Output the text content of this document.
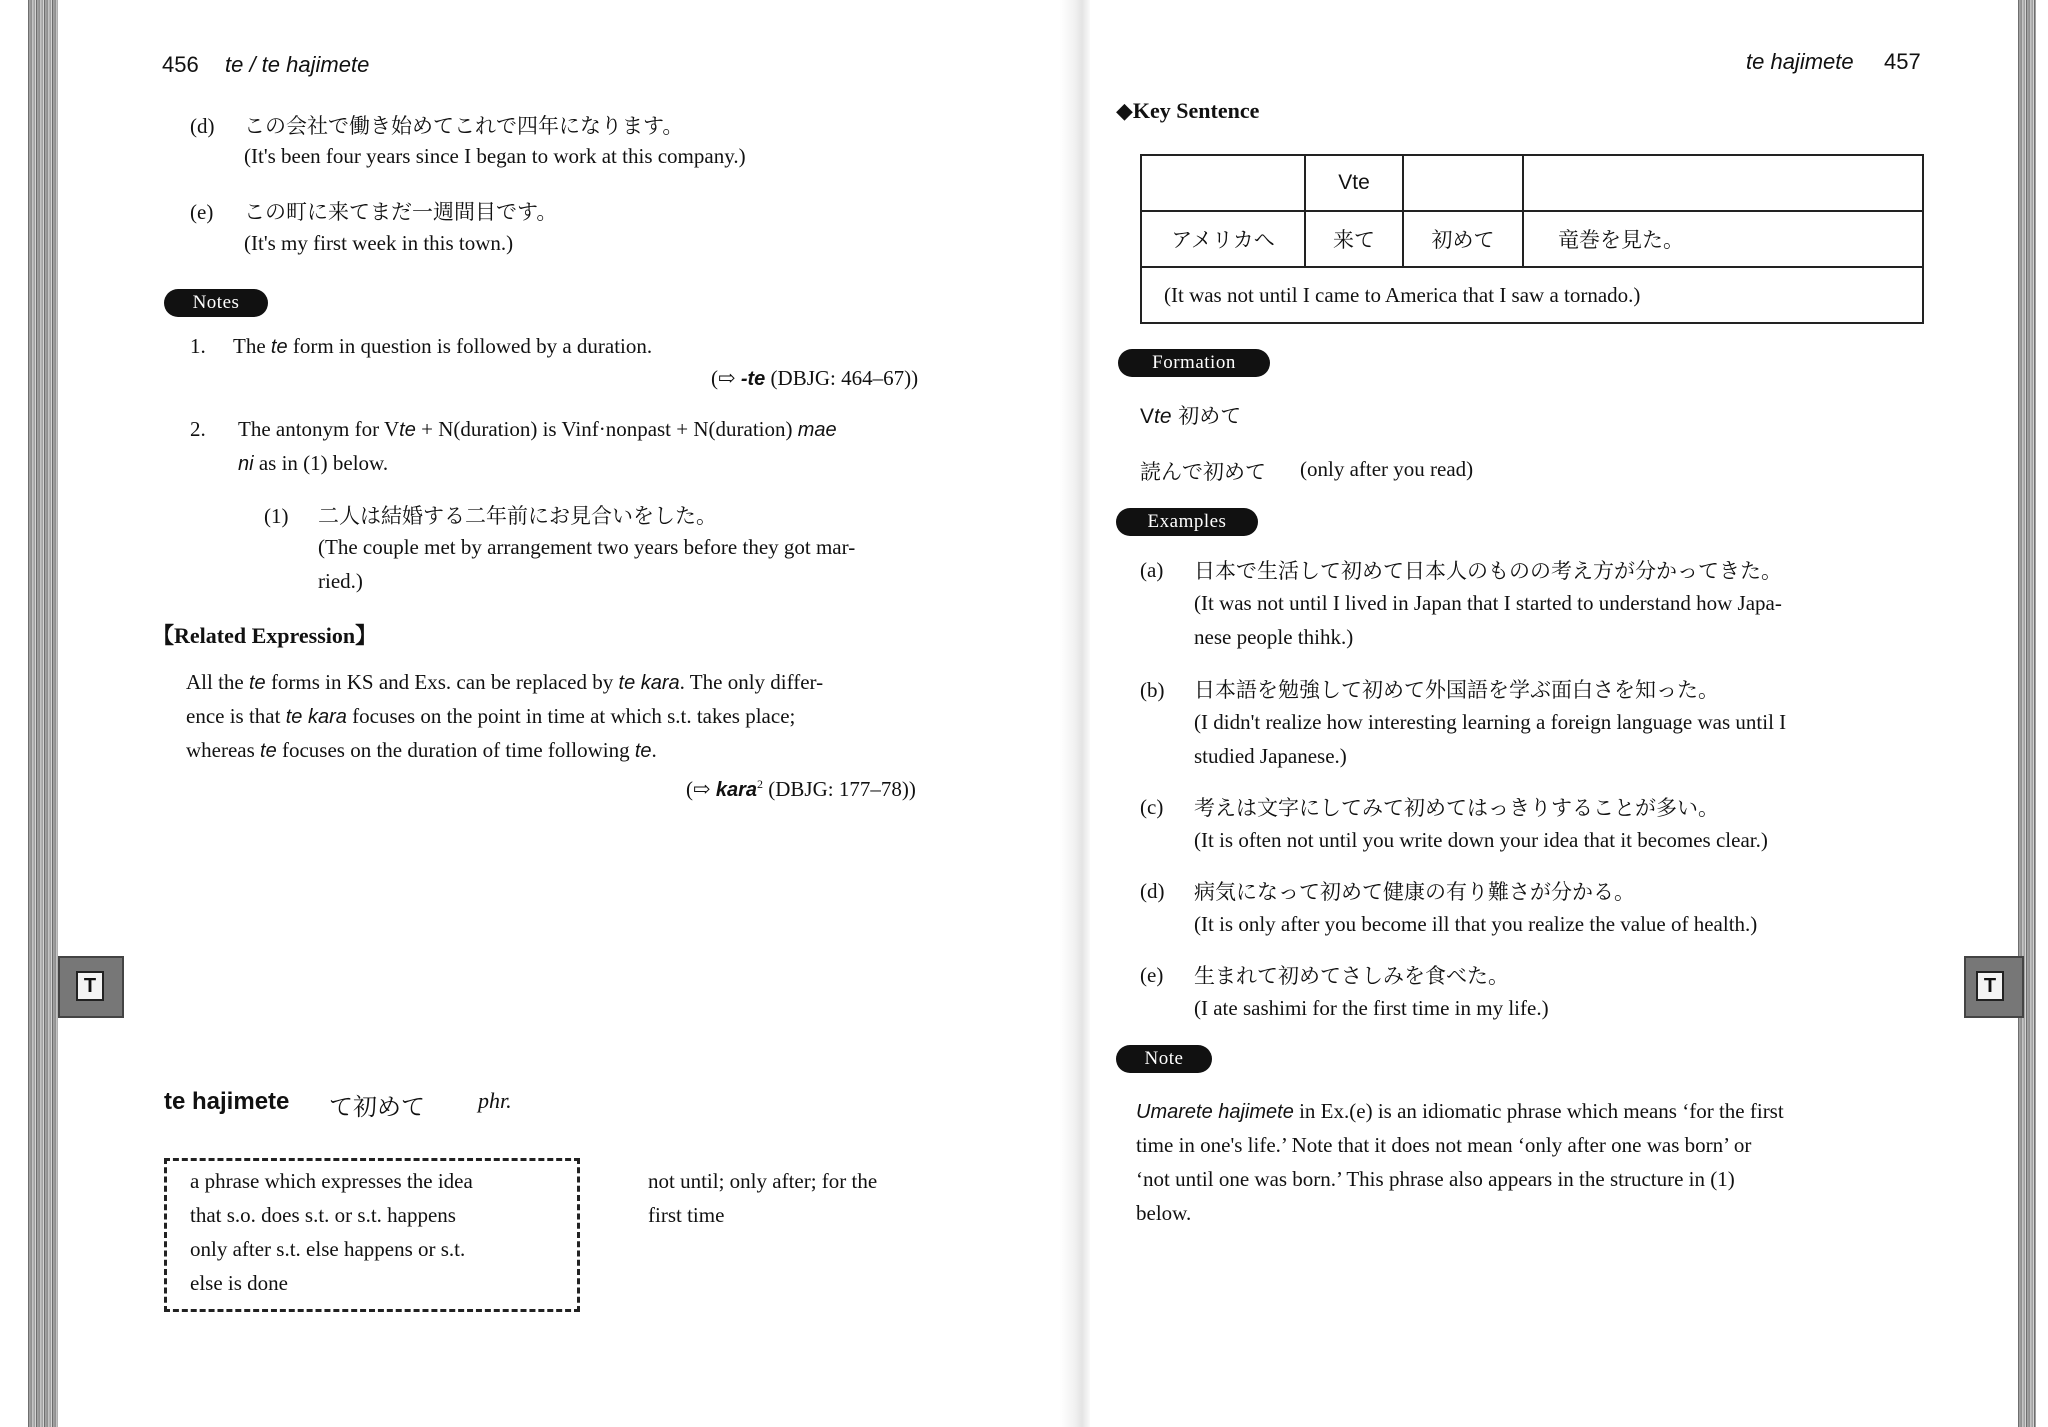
456 te / te hajimete
(d) この会社で働き始めてこれで四年になります。
(It's been four years since I began to work at this company.)
(e) この町に来てまだ一週間目です。
(It's my first week in this town.)
Notes
1. The te form in question is followed by a duration.
(⇨ -te (DBJG: 464–67))
2. The antonym for Vte + N(duration) is Vinf·nonpast + N(duration) mae
ni as in (1) below.
(1) 二人は結婚する二年前にお見合いをした。
(The couple met by arrangement two years before they got mar-
ried.)
【Related Expression】
All the te forms in KS and Exs. can be replaced by te kara. The only differ-
ence is that te kara focuses on the point in time at which s.t. takes place;
whereas te focuses on the duration of time following te.
(⇨ kara$^2$ (DBJG: 177–78))
T
te hajimete て初めて phr.
a phrase which expresses the idea
that s.o. does s.t. or s.t. happens
only after s.t. else happens or s.t.
else is done
not until; only after; for the
first time
te hajimete 457
◆Key Sentence
	Vte		
アメリカへ	来て	初めて	竜巻を見た。
(It was not until I came to America that I saw a tornado.)			
Formation
Vte 初めて
読んで初めて (only after you read)
Examples
(a) 日本で生活して初めて日本人のものの考え方が分かってきた。
(It was not until I lived in Japan that I started to understand how Japa-
nese people thihk.)
(b) 日本語を勉強して初めて外国語を学ぶ面白さを知った。
(I didn't realize how interesting learning a foreign language was until I
studied Japanese.)
(c) 考えは文字にしてみて初めてはっきりすることが多い。
(It is often not until you write down your idea that it becomes clear.)
(d) 病気になって初めて健康の有り難さが分かる。
(It is only after you become ill that you realize the value of health.)
(e) 生まれて初めてさしみを食べた。
(I ate sashimi for the first time in my life.)
Note
Umarete hajimete in Ex.(e) is an idiomatic phrase which means ‘for the first
time in one's life.’ Note that it does not mean ‘only after one was born’ or
‘not until one was born.’ This phrase also appears in the structure in (1)
below.
T
